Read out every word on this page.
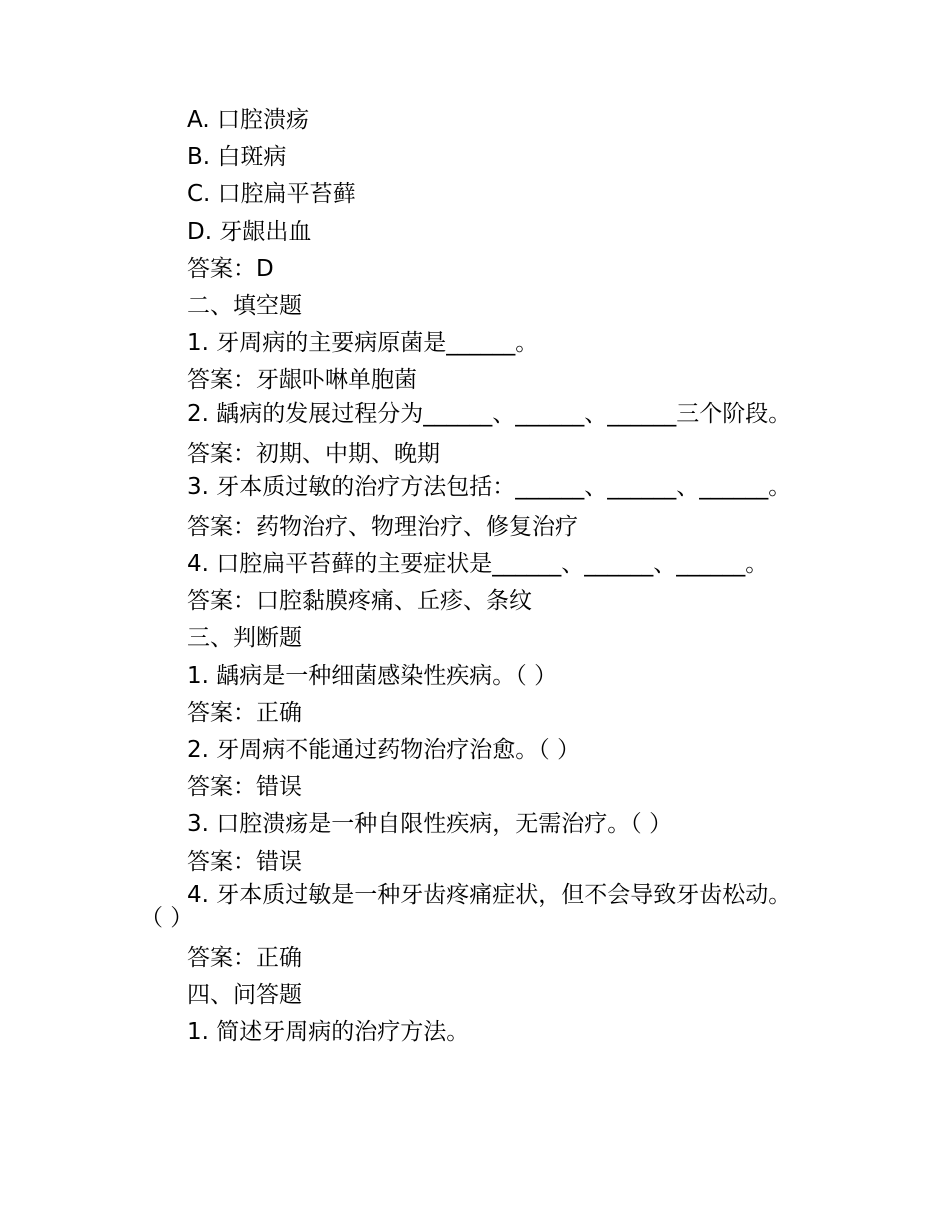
A. 口腔溃疡
B. 白斑病
C. 口腔扁平苔藓
D. 牙龈出血
答案：D
二、填空题
1. 牙周病的主要病原菌是______。
答案：牙龈卟啉单胞菌
2. 龋病的发展过程分为______、______、______三个阶段。
答案：初期、中期、晚期
3. 牙本质过敏的治疗方法包括：______、______、______。
答案：药物治疗、物理治疗、修复治疗
4. 口腔扁平苔藓的主要症状是______、______、______。
答案：口腔黏膜疼痛、丘疹、条纹
三、判断题
1. 龋病是一种细菌感染性疾病。（ ）
答案：正确
2. 牙周病不能通过药物治疗治愈。（ ）
答案：错误
3. 口腔溃疡是一种自限性疾病，无需治疗。（ ）
答案：错误
4. 牙本质过敏是一种牙齿疼痛症状，但不会导致牙齿松动。（ ）
答案：正确
四、问答题
1. 简述牙周病的治疗方法。
